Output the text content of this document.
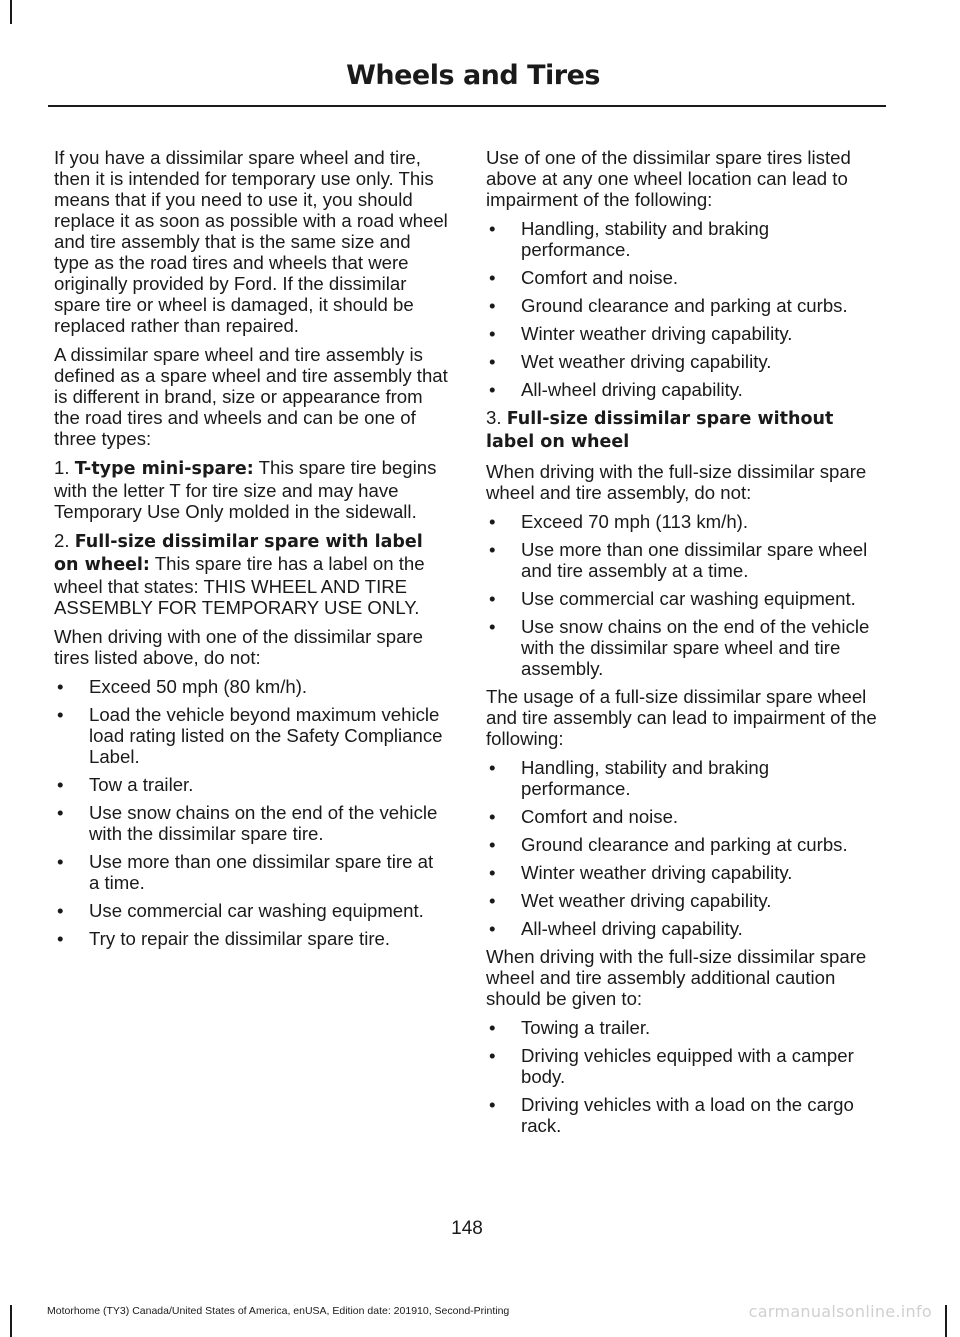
Wheels and Tires

If you have a dissimilar spare wheel and tire, then it is intended for temporary use only. This means that if you need to use it, you should replace it as soon as possible with a road wheel and tire assembly that is the same size and type as the road tires and wheels that were originally provided by Ford. If the dissimilar spare tire or wheel is damaged, it should be replaced rather than repaired.

A dissimilar spare wheel and tire assembly is defined as a spare wheel and tire assembly that is different in brand, size or appearance from the road tires and wheels and can be one of three types:

1. T-type mini-spare: This spare tire begins with the letter T for tire size and may have Temporary Use Only molded in the sidewall.

2. Full-size dissimilar spare with label on wheel: This spare tire has a label on the wheel that states: THIS WHEEL AND TIRE ASSEMBLY FOR TEMPORARY USE ONLY.

When driving with one of the dissimilar spare tires listed above, do not:

• Exceed 50 mph (80 km/h).
• Load the vehicle beyond maximum vehicle load rating listed on the Safety Compliance Label.
• Tow a trailer.
• Use snow chains on the end of the vehicle with the dissimilar spare tire.
• Use more than one dissimilar spare tire at a time.
• Use commercial car washing equipment.
• Try to repair the dissimilar spare tire.

Use of one of the dissimilar spare tires listed above at any one wheel location can lead to impairment of the following:

• Handling, stability and braking performance.
• Comfort and noise.
• Ground clearance and parking at curbs.
• Winter weather driving capability.
• Wet weather driving capability.
• All-wheel driving capability.

3. Full-size dissimilar spare without label on wheel

When driving with the full-size dissimilar spare wheel and tire assembly, do not:

• Exceed 70 mph (113 km/h).
• Use more than one dissimilar spare wheel and tire assembly at a time.
• Use commercial car washing equipment.
• Use snow chains on the end of the vehicle with the dissimilar spare wheel and tire assembly.

The usage of a full-size dissimilar spare wheel and tire assembly can lead to impairment of the following:

• Handling, stability and braking performance.
• Comfort and noise.
• Ground clearance and parking at curbs.
• Winter weather driving capability.
• Wet weather driving capability.
• All-wheel driving capability.

When driving with the full-size dissimilar spare wheel and tire assembly additional caution should be given to:

• Towing a trailer.
• Driving vehicles equipped with a camper body.
• Driving vehicles with a load on the cargo rack.
148
Motorhome (TY3) Canada/United States of America, enUSA, Edition date: 201910, Second-Printing	carmanualsonline.info
